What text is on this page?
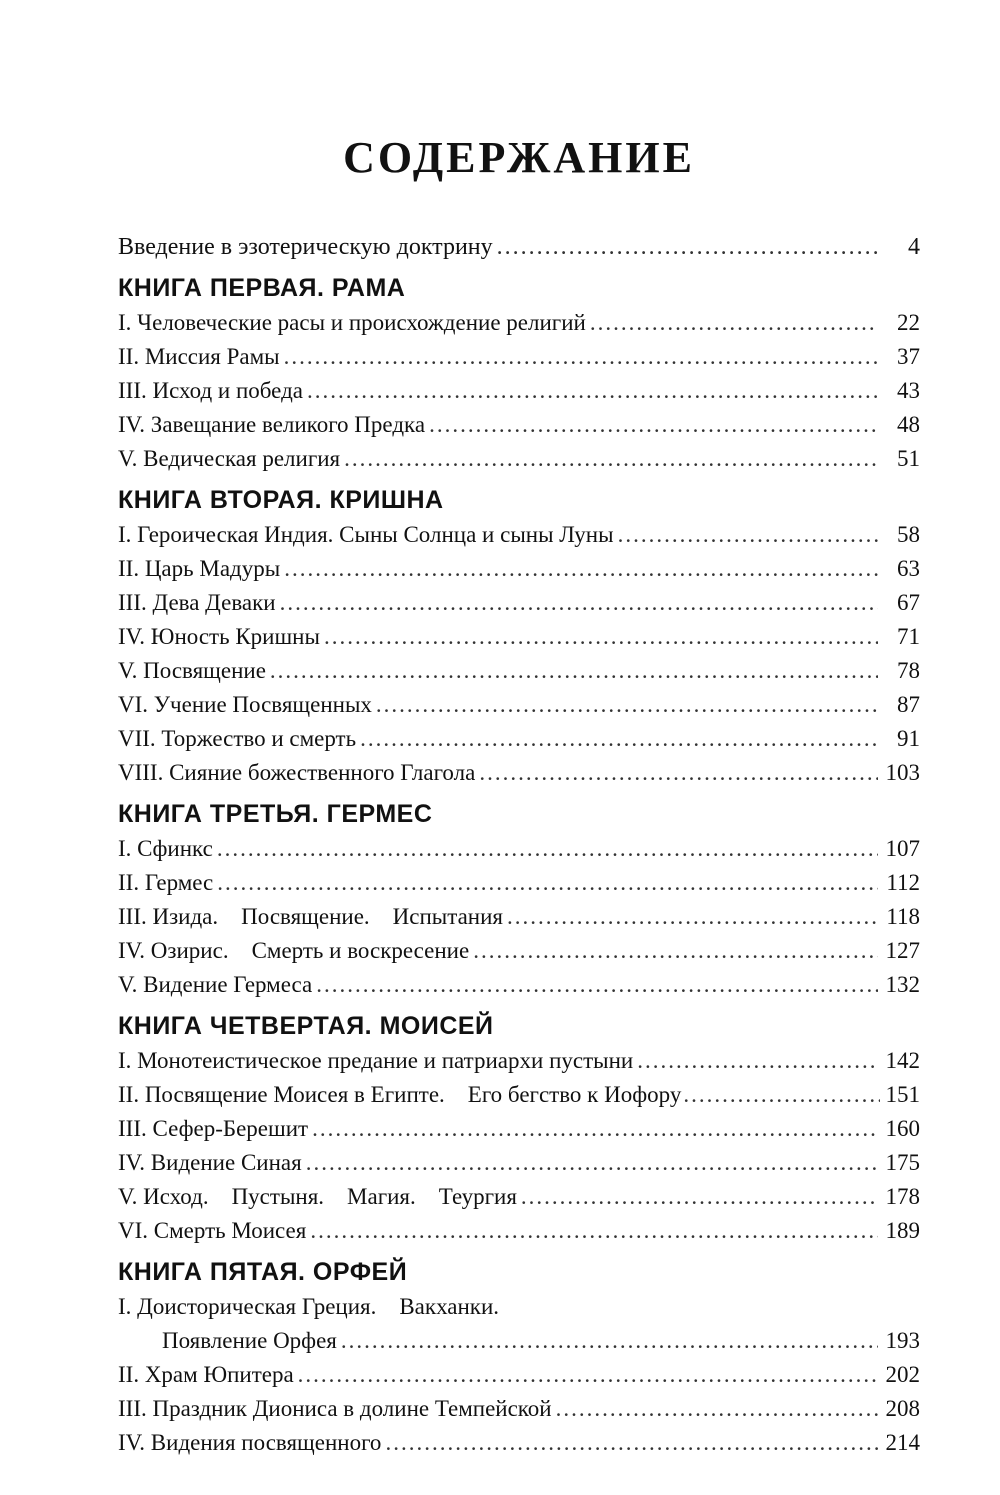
СОДЕРЖАНИЕ
Введение в эзотерическую доктрину .....	4
КНИГА ПЕРВАЯ. РАМА
I. Человеческие расы и происхождение религий .....	22
II. Миссия Рамы .....	37
III. Исход и победа .....	43
IV. Завещание великого Предка .....	48
V. Ведическая религия .....	51
КНИГА ВТОРАЯ. КРИШНА
I. Героическая Индия. Сыны Солнца и сыны Луны .....	58
II. Царь Мадуры .....	63
III. Дева Деваки .....	67
IV. Юность Кришны .....	71
V. Посвящение .....	78
VI. Учение Посвященных .....	87
VII. Торжество и смерть .....	91
VIII. Сияние божественного Глагола .....	103
КНИГА ТРЕТЬЯ. ГЕРМЕС
I. Сфинкс .....	107
II. Гермес .....	112
III. Изида.    Посвящение.    Испытания .....	118
IV. Озирис.    Смерть и воскресение .....	127
V. Видение Гермеса .....	132
КНИГА ЧЕТВЕРТАЯ. МОИСЕЙ
I. Монотеистическое предание и патриархи пустыни .....	142
II. Посвящение Моисея в Египте.    Его бегство к Иофору .....	151
III. Сефер-Берешит .....	160
IV. Видение Синая .....	175
V. Исход.    Пустыня.    Магия.    Теургия .....	178
VI. Смерть Моисея .....	189
КНИГА ПЯТАЯ. ОРФЕЙ
I. Доисторическая Греция.    Вакханки.
Появление Орфея .....	193
II. Храм Юпитера .....	202
III. Праздник Диониса в долине Темпейской .....	208
IV. Видения посвященного .....	214
